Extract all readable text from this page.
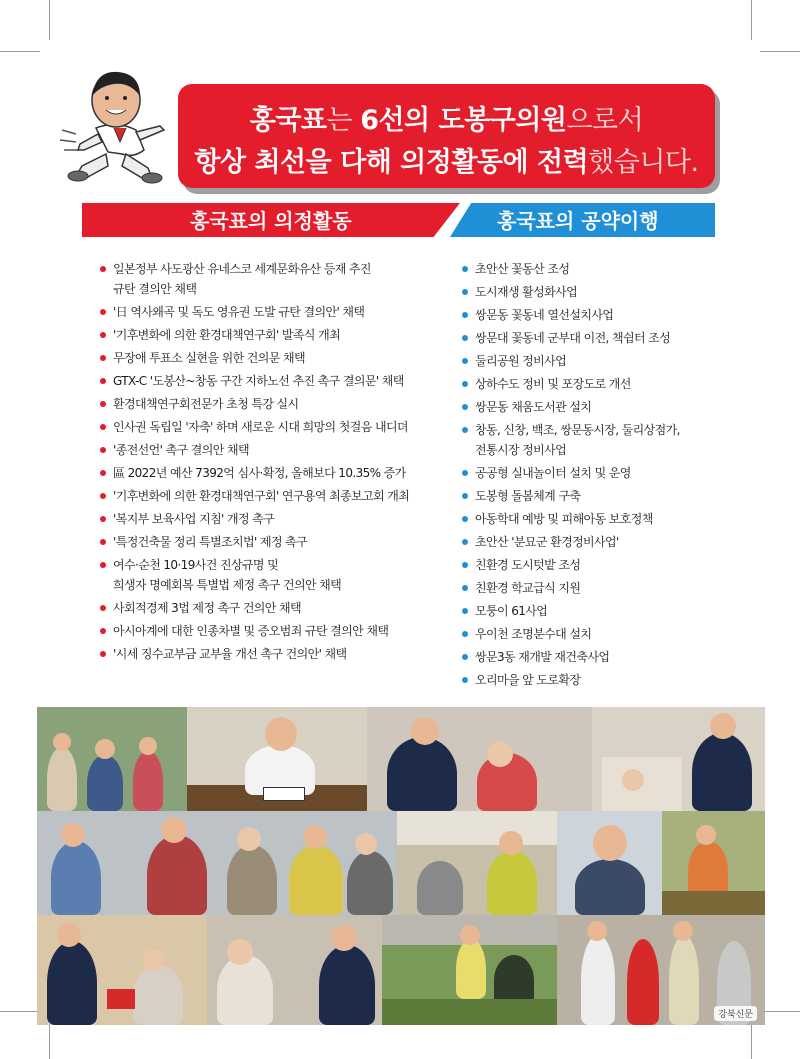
홍국표는 6선의 도봉구의원으로서
항상 최선을 다해 의정활동에 전력했습니다.
홍국표의 의정활동	홍국표의 공약이행
일본정부 사도광산 유네스코 세계문화유산 등재 추진
규탄 결의안 채택
'日 역사왜곡 및 독도 영유권 도발 규탄 결의안' 채택
'기후변화에 의한 환경대책연구회' 발족식 개최
무장애 투표소 실현을 위한 건의문 채택
GTX-C '도봉산~창동 구간 지하노선 추진 촉구 결의문' 채택
환경대책연구회전문가 초청 특강 실시
인사권 독립일 '자축' 하며 새로운 시대 희망의 첫걸음 내디뎌
'종전선언' 촉구 결의안 채택
區 2022년 예산 7392억 심사·확정, 올해보다 10.35% 증가
'기후변화에 의한 환경대책연구회' 연구용역 최종보고회 개최
'복지부 보육사업 지침' 개정 촉구
'특정건축물 정리 특별조치법' 제정 촉구
여수·순천 10·19사건 진상규명 및
희생자 명예회복 특별법 제정 촉구 건의안 채택
사회적경제 3법 제정 촉구 건의안 채택
아시아계에 대한 인종차별 및 증오범죄 규탄 결의안 채택
'시세 징수교부금 교부율 개선 촉구 건의안' 채택
초안산 꽃동산 조성
도시재생 활성화사업
쌍문동 꽃동네 열선설치사업
쌍문대 꽃동네 군부대 이전, 책쉼터 조성
둘리공원 정비사업
상하수도 정비 및 포장도로 개선
쌍문동 채움도서관 설치
창동, 신창, 백조, 쌍문동시장, 둘리상점가,
전통시장 정비사업
공공형 실내놀이터 설치 및 운영
도봉형 돌봄체계 구축
아동학대 예방 및 피해아동 보호정책
초안산 '분묘군 환경정비사업'
친환경 도시텃밭 조성
친환경 학교급식 지원
모퉁이 61사업
우이천 조명분수대 설치
쌍문3동 재개발 재건축사업
오리마을 앞 도로확장
강북신문
